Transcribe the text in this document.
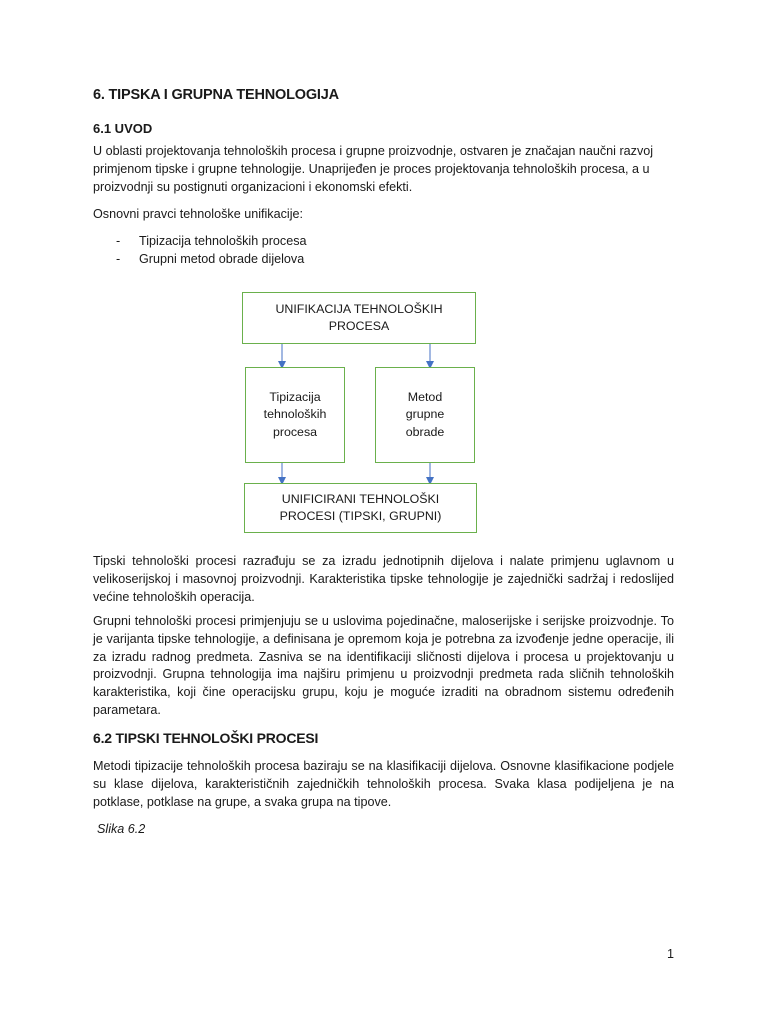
6. TIPSKA I GRUPNA TEHNOLOGIJA
6.1 UVOD

U oblasti projektovanja tehnoloških procesa i grupne proizvodnje, ostvaren je značajan naučni razvoj primjenom tipske i grupne tehnologije. Unaprijeđen je proces projektovanja tehnoloških procesa, a u proizvodnji su postignuti organizacioni i ekonomski efekti.

Osnovni pravci tehnološke unifikacije:

- Tipizacija tehnoloških procesa
- Grupni metod obrade dijelova
UNIFIKACIJA TEHNOLOŠKIH PROCESA
Tipizacija tehnoloških procesa
Metod grupne obrade
UNIFICIRANI TEHNOLOŠKI PROCESI (TIPSKI, GRUPNI)

Tipski tehnološki procesi razrađuju se za izradu jednotipnih dijelova i nalate primjenu uglavnom u velikoserijskoj i masovnoj proizvodnji. Karakteristika tipske tehnologije je zajednički sadržaj i redoslijed većine tehnoloških operacija.

Grupni tehnološki procesi primjenjuju se u uslovima pojedinačne, maloserijske i serijske proizvodnje. To je varijanta tipske tehnologije, a definisana je opremom koja je potrebna za izvođenje jedne operacije, ili za izradu radnog predmeta. Zasniva se na identifikaciji sličnosti dijelova i procesa u projektovanju u proizvodnji. Grupna tehnologija ima najširu primjenu u proizvodnji predmeta rada sličnih tehnoloških karakteristika, koji čine operacijsku grupu, koju je moguće izraditi na obradnom sistemu određenih parametara.

6.2 TIPSKI TEHNOLOŠKI PROCESI

Metodi tipizacije tehnoloških procesa baziraju se na klasifikaciji dijelova. Osnovne klasifikacione podjele su klase dijelova, karakterističnih zajedničkih tehnoloških procesa. Svaka klasa podijeljena je na potklase, potklase na grupe, a svaka grupa na tipove.

Slika 6.2
1
